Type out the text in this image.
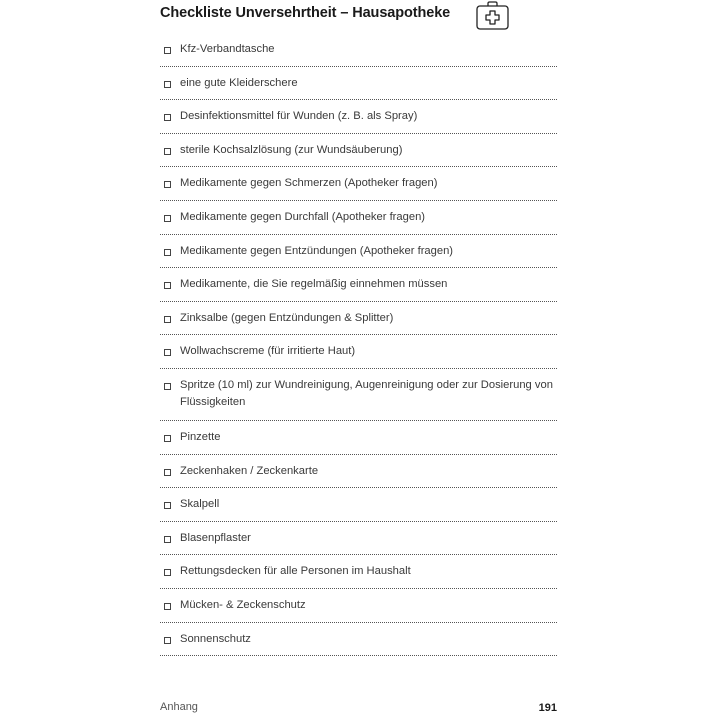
Checkliste Unversehrtheit – Hausapotheke
Kfz-Verbandtasche
eine gute Kleiderschere
Desinfektionsmittel für Wunden (z. B. als Spray)
sterile Kochsalzlösung (zur Wundsäuberung)
Medikamente gegen Schmerzen (Apotheker fragen)
Medikamente gegen Durchfall (Apotheker fragen)
Medikamente gegen Entzündungen (Apotheker fragen)
Medikamente, die Sie regelmäßig einnehmen müssen
Zinksalbe (gegen Entzündungen & Splitter)
Wollwachscreme (für irritierte Haut)
Spritze (10 ml) zur Wundreinigung, Augenreinigung oder zur Dosierung von Flüssigkeiten
Pinzette
Zeckenhaken / Zeckenkarte
Skalpell
Blasenpflaster
Rettungsdecken für alle Personen im Haushalt
Mücken- & Zeckenschutz
Sonnenschutz
Anhang	191
